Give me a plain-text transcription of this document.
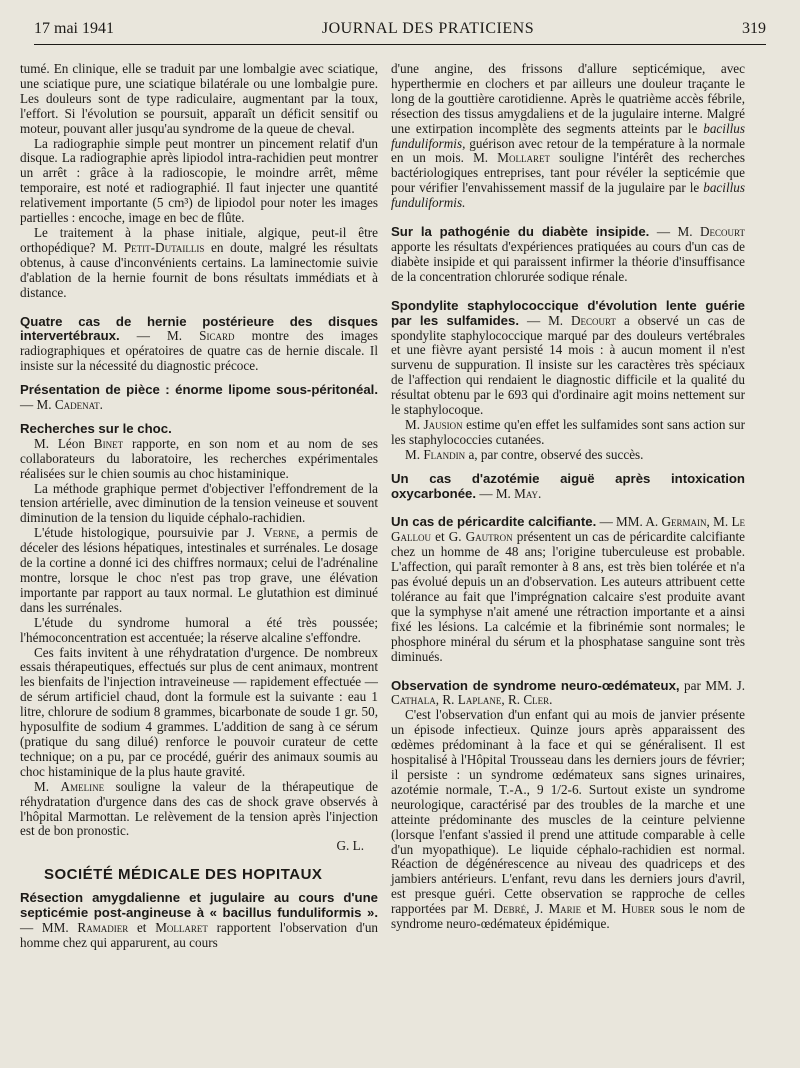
17 mai 1941	JOURNAL DES PRATICIENS	319

tumé. En clinique, elle se traduit par une lombalgie avec sciatique, une sciatique pure, une sciatique bilatérale ou une lombalgie pure. Les douleurs sont de type radiculaire, augmentant par la toux, l'effort. Si l'évolution se poursuit, apparaît un déficit sensitif ou moteur, pouvant aller jusqu'au syndrome de la queue de cheval.

La radiographie simple peut montrer un pincement relatif d'un disque. La radiographie après lipiodol intra-rachidien peut montrer un arrêt : grâce à la radioscopie, le moindre arrêt, même temporaire, est noté et radiographié. Il faut injecter une quantité relativement importante (5 cm³) de lipiodol pour noter les images partielles : encoche, image en bec de flûte.

Le traitement à la phase initiale, algique, peut-il être orthopédique? M. Petit-Dutaillis en doute, malgré les résultats obtenus, à cause d'inconvénients certains. La laminectomie suivie d'ablation de la hernie fournit de bons résultats immédiats et à distance.

Quatre cas de hernie postérieure des disques intervertébraux. — M. Sicard montre des images radiographiques et opératoires de quatre cas de hernie discale. Il insiste sur la nécessité du diagnostic précoce.

Présentation de pièce : énorme lipome sous-péritonéal. — M. Cadenat.

Recherches sur le choc.

M. Léon Binet rapporte, en son nom et au nom de ses collaborateurs du laboratoire, les recherches expérimentales réalisées sur le chien soumis au choc histaminique.

La méthode graphique permet d'objectiver l'effondrement de la tension artérielle, avec diminution de la tension veineuse et souvent diminution de la tension du liquide céphalo-rachidien.

L'étude histologique, poursuivie par J. Verne, a permis de déceler des lésions hépatiques, intestinales et surrénales. Le dosage de la cortine a donné ici des chiffres normaux; celui de l'adrénaline montre, lorsque le choc n'est pas trop grave, une élévation importante par rapport au taux normal. Le glutathion est diminué dans les surrénales.

L'étude du syndrome humoral a été très poussée; l'hémoconcentration est accentuée; la réserve alcaline s'effondre.

Ces faits invitent à une réhydratation d'urgence. De nombreux essais thérapeutiques, effectués sur plus de cent animaux, montrent les bienfaits de l'injection intraveineuse — rapidement effectuée — de sérum artificiel chaud, dont la formule est la suivante : eau 1 litre, chlorure de sodium 8 grammes, bicarbonate de soude 1 gr. 50, hyposulfite de sodium 4 grammes. L'addition de sang à ce sérum (pratique du sang dilué) renforce le pouvoir curateur de cette technique; on a pu, par ce procédé, guérir des animaux soumis au choc histaminique de la plus haute gravité.

M. Ameline souligne la valeur de la thérapeutique de réhydratation d'urgence dans des cas de shock grave observés à l'hôpital Marmottan. Le relèvement de la tension après l'injection est de bon pronostic.

G. L.

SOCIÉTÉ MÉDICALE DES HOPITAUX

Résection amygdalienne et jugulaire au cours d'une septicémie post-angineuse à « bacillus funduliformis ». — MM. Ramadier et Mollaret rapportent l'observation d'un homme chez qui apparurent, au cours

d'une angine, des frissons d'allure septicémique, avec hyperthermie en clochers et par ailleurs une douleur traçante le long de la gouttière carotidienne. Après le quatrième accès fébrile, résection des tissus amygdaliens et de la jugulaire interne. Malgré une extirpation incomplète des segments atteints par le bacillus funduliformis, guérison avec retour de la température à la normale en un mois. M. Mollaret souligne l'intérêt des recherches bactériologiques entreprises, tant pour révéler la septicémie que pour vérifier l'envahissement massif de la jugulaire par le bacillus funduliformis.

Sur la pathogénie du diabète insipide. — M. Decourt apporte les résultats d'expériences pratiquées au cours d'un cas de diabète insipide et qui paraissent infirmer la théorie d'insuffisance de la concentration chlorurée sodique rénale.

Spondylite staphylococcique d'évolution lente guérie par les sulfamides. — M. Decourt a observé un cas de spondylite staphylococcique marqué par des douleurs vertébrales et une fièvre ayant persisté 14 mois : à aucun moment il n'est survenu de suppuration. Il insiste sur les caractères très spéciaux de l'affection qui rendaient le diagnostic difficile et la qualité du résultat obtenu par le 693 qui d'ordinaire agit moins nettement sur le staphylocoque.

M. Jausion estime qu'en effet les sulfamides sont sans action sur les staphylococcies cutanées.

M. Flandin a, par contre, observé des succès.

Un cas d'azotémie aiguë après intoxication oxycarbonée. — M. May.

Un cas de péricardite calcifiante. — MM. A. Germain, M. Le Gallou et G. Gautron présentent un cas de péricardite calcifiante chez un homme de 48 ans; l'origine tuberculeuse est probable. L'affection, qui paraît remonter à 8 ans, est très bien tolérée et n'a pas évolué depuis un an d'observation. Les auteurs attribuent cette tolérance au fait que l'imprégnation calcaire s'est produite avant que la symphyse n'ait amené une rétraction importante et a ainsi fixé les lésions. La calcémie et la fibrinémie sont normales; le phosphore minéral du sérum et la phosphatase sanguine sont très diminués.

Observation de syndrome neuro-œdémateux, par MM. J. Cathala, R. Laplane, R. Cler.

C'est l'observation d'un enfant qui au mois de janvier présente un épisode infectieux. Quinze jours après apparaissent des œdèmes prédominant à la face et qui se généralisent. Il est hospitalisé à l'Hôpital Trousseau dans les derniers jours de février; il persiste : un syndrome œdémateux sans signes urinaires, azotémie normale, T.-A., 9 1/2-6. Surtout existe un syndrome neurologique, caractérisé par des troubles de la marche et une atteinte prédominante des muscles de la ceinture pelvienne (lorsque l'enfant s'assied il prend une attitude comparable à celle d'un myopathique). Le liquide céphalo-rachidien est normal. Réaction de dégénérescence au niveau des quadriceps et des jambiers antérieurs. L'enfant, revu dans les derniers jours d'avril, est presque guéri. Cette observation se rapproche de celles rapportées par M. Debré, J. Marie et M. Huber sous le nom de syndrome neuro-œdémateux épidémique.
